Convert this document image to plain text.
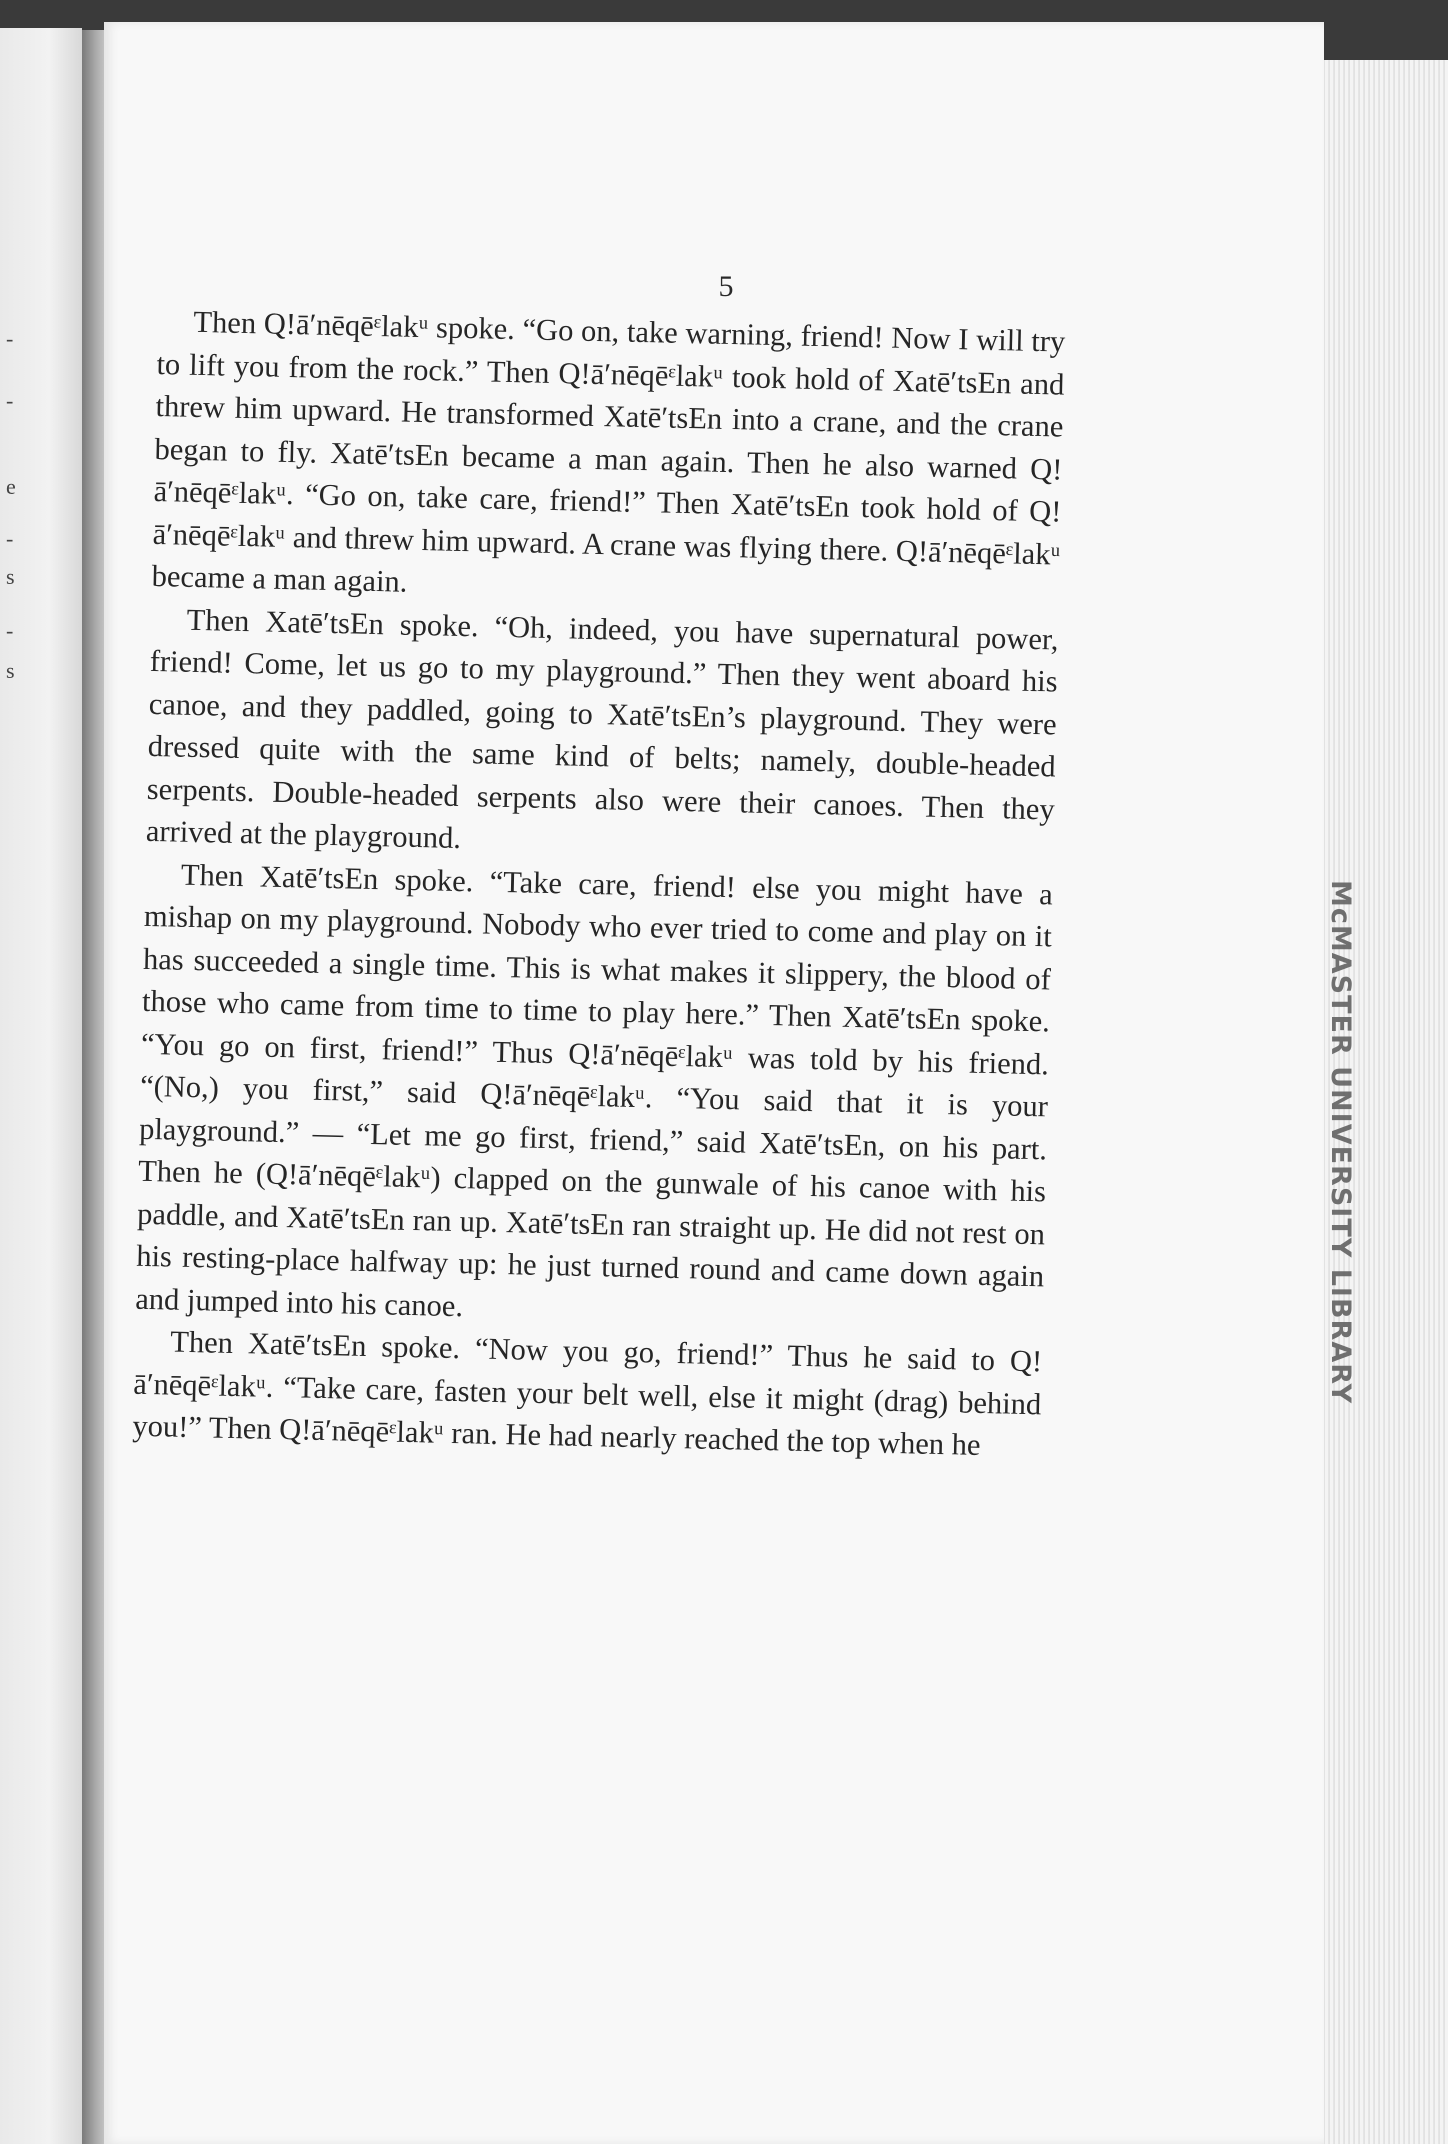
-
-
e
-
s
-
s
5

Then Q!ā′nēqēᵋlakᵘ spoke. “Go on, take warning, friend! Now I will try to lift you from the rock.” Then Q!ā′nēqēᵋlakᵘ took hold of Xatē′tsEn and threw him upward. He transformed Xatē′tsEn into a crane, and the crane began to fly. Xatē′tsEn became a man again. Then he also warned Q!ā′nēqēᵋlakᵘ. “Go on, take care, friend!” Then Xatē′tsEn took hold of Q!ā′nēqēᵋlakᵘ and threw him upward. A crane was flying there. Q!ā′nēqēᵋlakᵘ became a man again.

Then Xatē′tsEn spoke. “Oh, indeed, you have supernatural power, friend! Come, let us go to my playground.” Then they went aboard his canoe, and they paddled, going to Xatē′tsEn’s playground. They were dressed quite with the same kind of belts; namely, double-headed serpents. Double-headed serpents also were their canoes. Then they arrived at the playground.

Then Xatē′tsEn spoke. “Take care, friend! else you might have a mishap on my playground. Nobody who ever tried to come and play on it has succeeded a single time. This is what makes it slippery, the blood of those who came from time to time to play here.” Then Xatē′tsEn spoke. “You go on first, friend!” Thus Q!ā′nēqēᵋlakᵘ was told by his friend. “(No,) you first,” said Q!ā′nēqēᵋlakᵘ. “You said that it is your playground.” — “Let me go first, friend,” said Xatē′tsEn, on his part. Then he (Q!ā′nēqēᵋlakᵘ) clapped on the gunwale of his canoe with his paddle, and Xatē′tsEn ran up. Xatē′tsEn ran straight up. He did not rest on his resting-place halfway up: he just turned round and came down again and jumped into his canoe.

Then Xatē′tsEn spoke. “Now you go, friend!” Thus he said to Q!ā′nēqēᵋlakᵘ. “Take care, fasten your belt well, else it might (drag) behind you!” Then Q!ā′nēqēᵋlakᵘ ran. He had nearly reached the top when he

McMASTER UNIVERSITY LIBRARY
